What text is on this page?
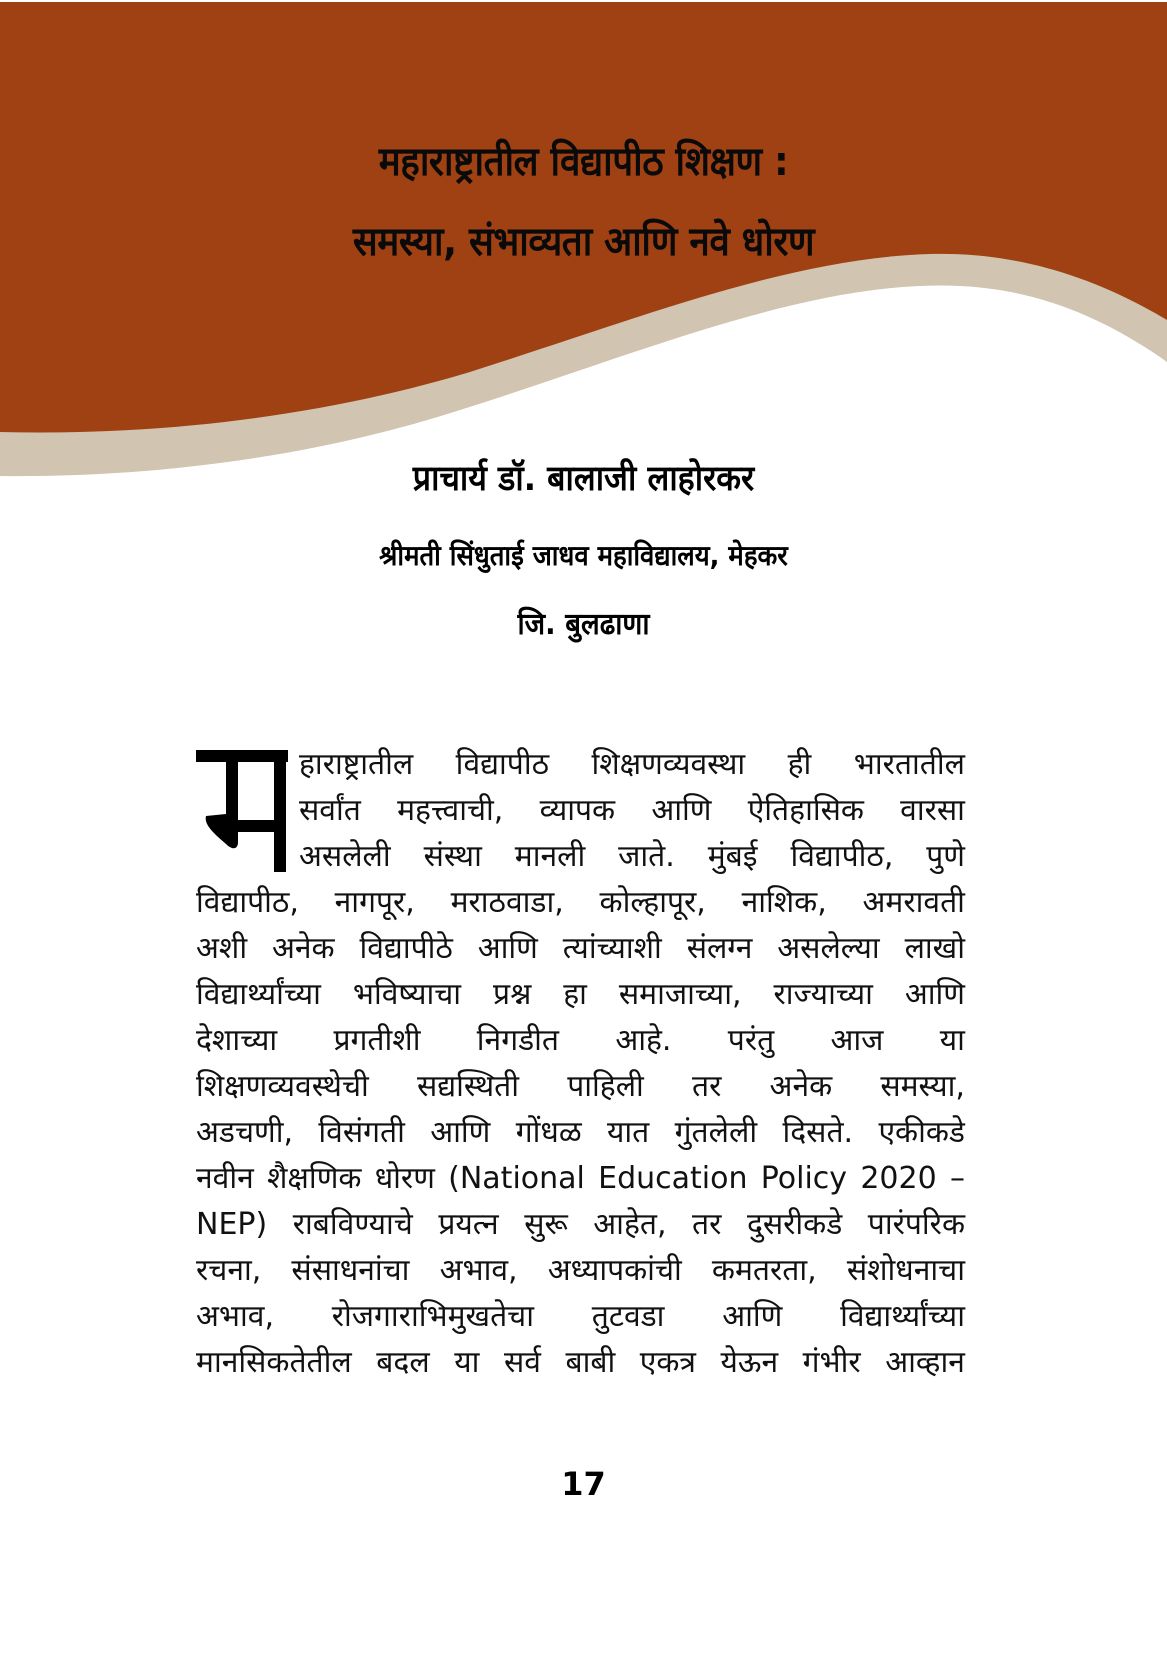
महाराष्ट्रातील विद्यापीठ शिक्षण :
समस्या, संभाव्यता आणि नवे धोरण
प्राचार्य डॉ. बालाजी लाहोरकर
श्रीमती सिंधुताई जाधव महाविद्यालय, मेहकर
जि. बुलढाणा
हाराष्ट्रातील विद्यापीठ शिक्षणव्यवस्था ही भारतातील
सर्वांत महत्त्वाची, व्यापक आणि ऐतिहासिक वारसा
असलेली संस्था मानली जाते. मुंबई विद्यापीठ, पुणे
विद्यापीठ, नागपूर, मराठवाडा, कोल्हापूर, नाशिक, अमरावती
अशी अनेक विद्यापीठे आणि त्यांच्याशी संलग्न असलेल्या लाखो
विद्यार्थ्यांच्या भविष्याचा प्रश्न हा समाजाच्या, राज्याच्या आणि
देशाच्या प्रगतीशी निगडीत आहे. परंतु आज या
शिक्षणव्यवस्थेची सद्यस्थिती पाहिली तर अनेक समस्या,
अडचणी, विसंगती आणि गोंधळ यात गुंतलेली दिसते. एकीकडे
नवीन शैक्षणिक धोरण (National Education Policy 2020 –
NEP) राबविण्याचे प्रयत्न सुरू आहेत, तर दुसरीकडे पारंपरिक
रचना, संसाधनांचा अभाव, अध्यापकांची कमतरता, संशोधनाचा
अभाव, रोजगाराभिमुखतेचा तुटवडा आणि विद्यार्थ्यांच्या
मानसिकतेतील बदल या सर्व बाबी एकत्र येऊन गंभीर आव्हान
17
